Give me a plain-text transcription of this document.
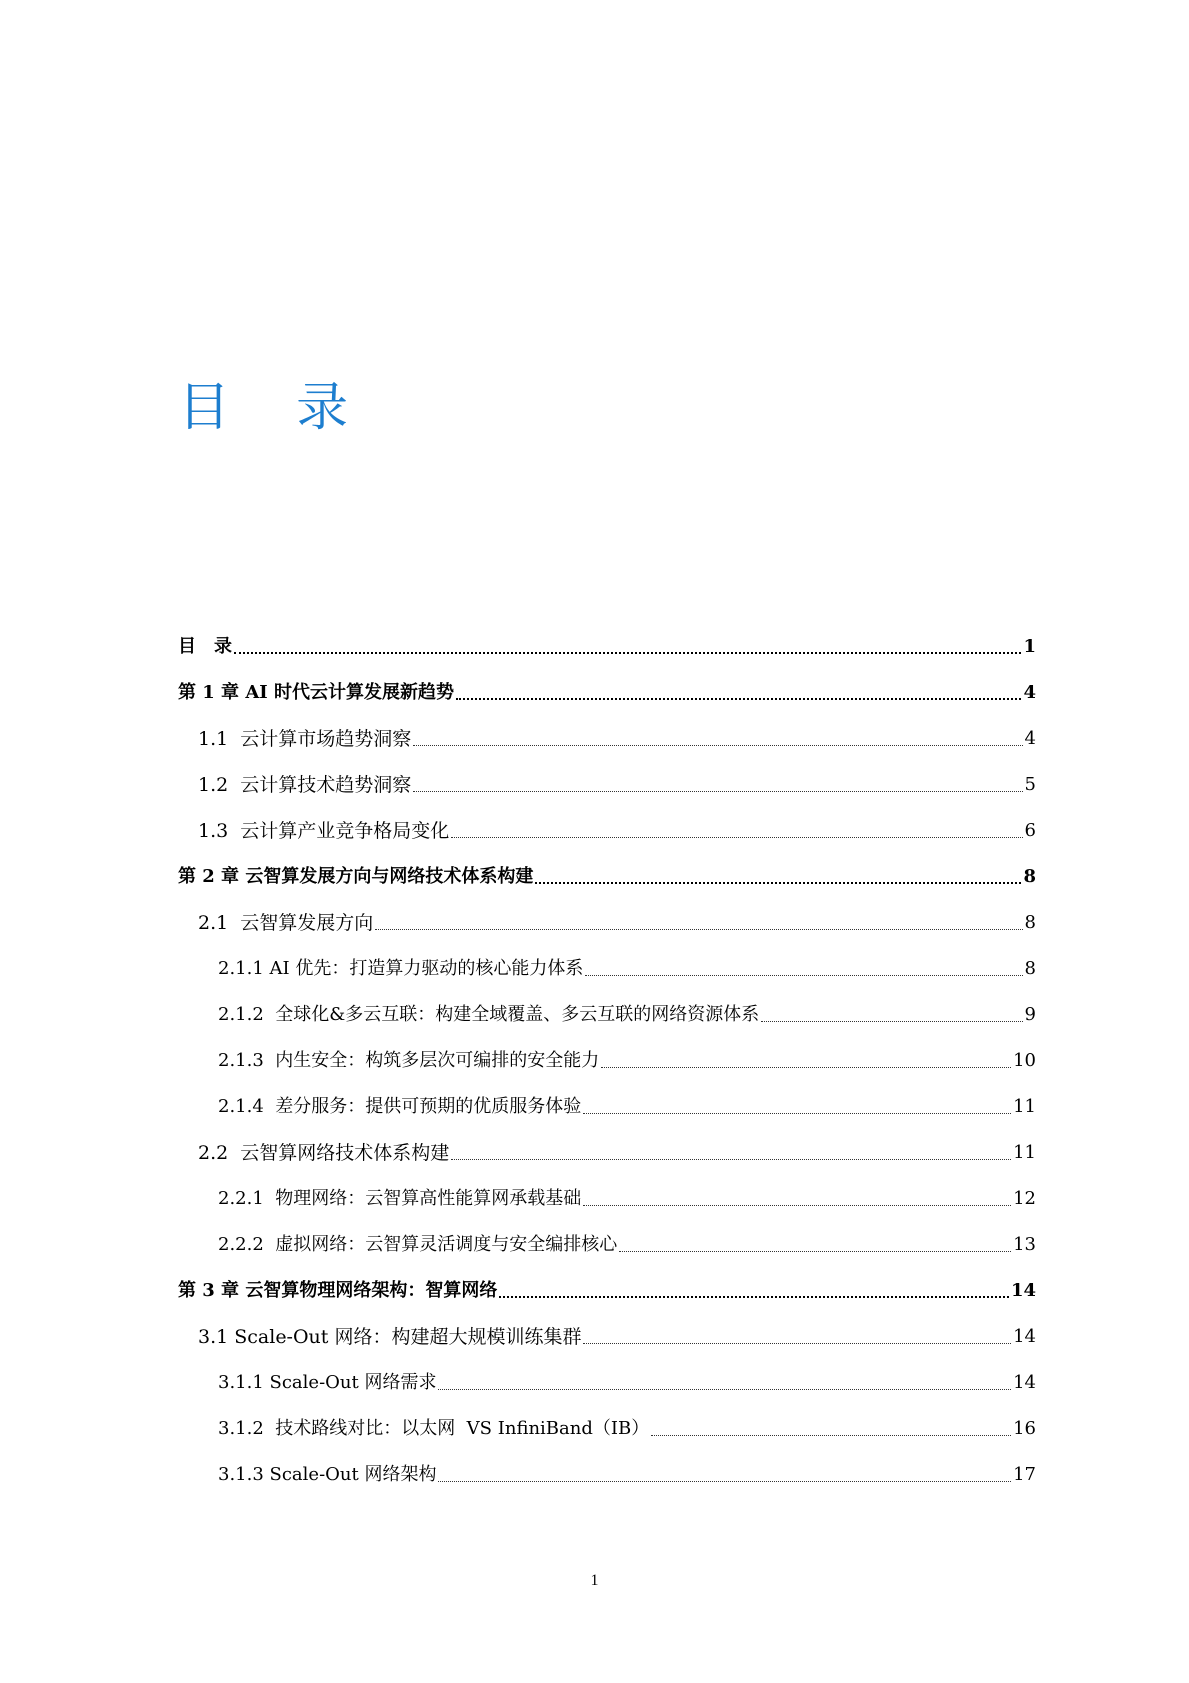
目    录
目　录	1
第 1 章 AI 时代云计算发展新趋势	4
1.1  云计算市场趋势洞察	4
1.2  云计算技术趋势洞察	5
1.3  云计算产业竞争格局变化	6
第 2 章 云智算发展方向与网络技术体系构建	8
2.1  云智算发展方向	8
2.1.1 AI 优先：打造算力驱动的核心能力体系	8
2.1.2  全球化&多云互联：构建全域覆盖、多云互联的网络资源体系	9
2.1.3  内生安全：构筑多层次可编排的安全能力	10
2.1.4  差分服务：提供可预期的优质服务体验	11
2.2  云智算网络技术体系构建	11
2.2.1  物理网络：云智算高性能算网承载基础	12
2.2.2  虚拟网络：云智算灵活调度与安全编排核心	13
第 3 章 云智算物理网络架构：智算网络	14
3.1 Scale-Out 网络：构建超大规模训练集群	14
3.1.1 Scale-Out 网络需求	14
3.1.2  技术路线对比：以太网  VS InfiniBand（IB）	16
3.1.3 Scale-Out 网络架构	17
1
